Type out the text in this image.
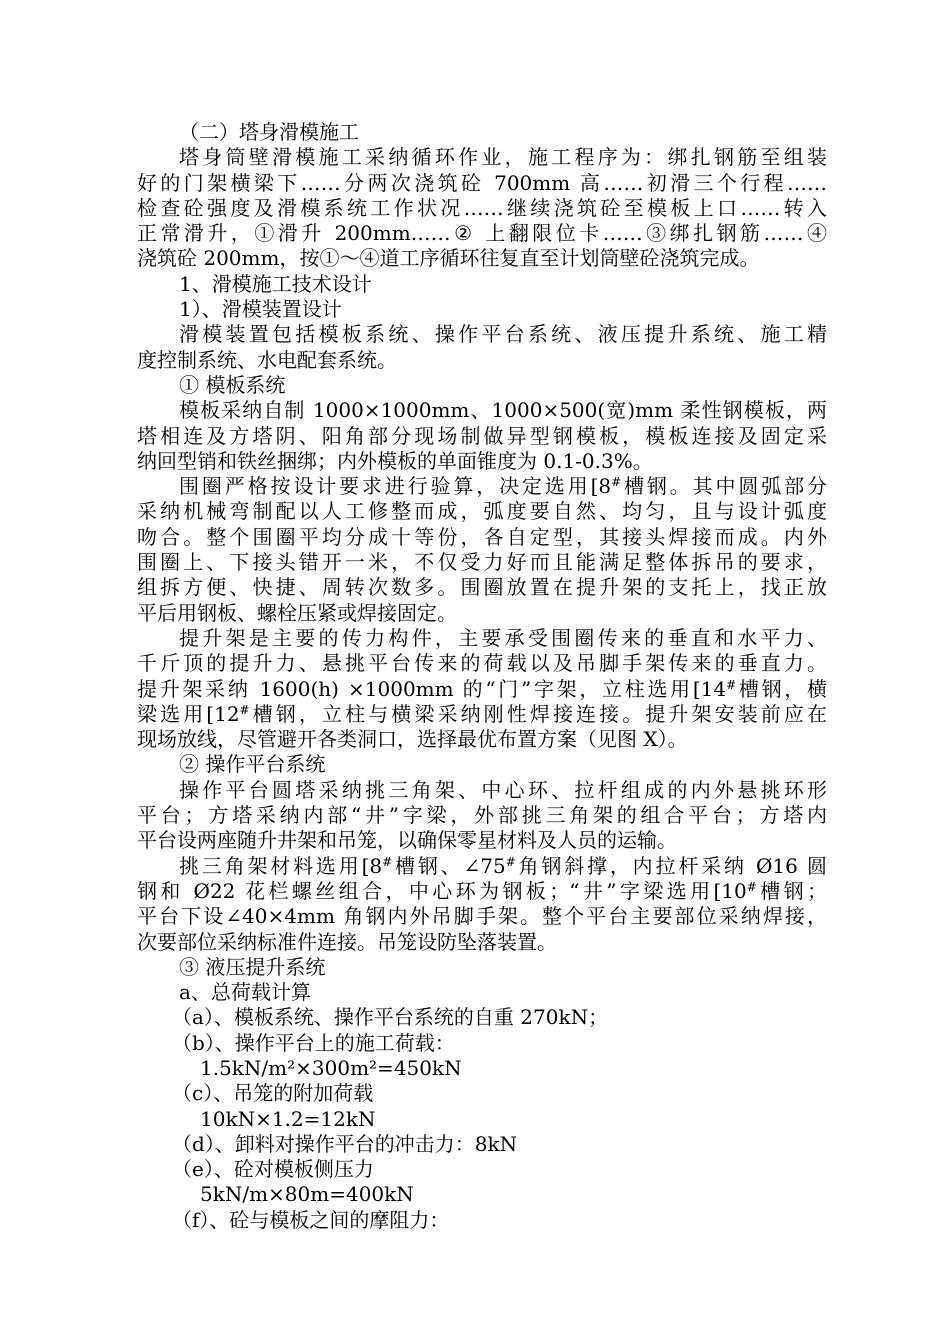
（二）塔身滑模施工
塔身筒壁滑模施工采纳循环作业，施工程序为：绑扎钢筋至组装
好的门架横梁下……分两次浇筑砼 700mm 高……初滑三个行程……
检查砼强度及滑模系统工作状况……继续浇筑砼至模板上口……转入
正常滑升，①滑升 200mm……② 上翻限位卡……③绑扎钢筋……④
浇筑砼 200mm，按①～④道工序循环往复直至计划筒壁砼浇筑完成。
1、滑模施工技术设计
1）、滑模装置设计
滑模装置包括模板系统、操作平台系统、液压提升系统、施工精
度控制系统、水电配套系统。
① 模板系统
模板采纳自制 1000×1000mm、1000×500(宽)mm 柔性钢模板，两
塔相连及方塔阴、阳角部分现场制做异型钢模板，模板连接及固定采
纳回型销和铁丝捆绑；内外模板的单面锥度为 0.1-0.3%。
围圈严格按设计要求进行验算，决定选用[8#槽钢。其中圆弧部分
采纳机械弯制配以人工修整而成，弧度要自然、均匀，且与设计弧度
吻合。整个围圈平均分成十等份，各自定型，其接头焊接而成。内外
围圈上、下接头错开一米，不仅受力好而且能满足整体拆吊的要求，
组拆方便、快捷、周转次数多。围圈放置在提升架的支托上，找正放
平后用钢板、螺栓压紧或焊接固定。
提升架是主要的传力构件，主要承受围圈传来的垂直和水平力、
千斤顶的提升力、悬挑平台传来的荷载以及吊脚手架传来的垂直力。
提升架采纳 1600(h) ×1000mm 的“门”字架，立柱选用[14#槽钢，横
梁选用[12#槽钢，立柱与横梁采纳刚性焊接连接。提升架安装前应在
现场放线，尽管避开各类洞口，选择最优布置方案（见图 X）。
② 操作平台系统
操作平台圆塔采纳挑三角架、中心环、拉杆组成的内外悬挑环形
平台；方塔采纳内部“井”字梁，外部挑三角架的组合平台；方塔内
平台设两座随升井架和吊笼，以确保零星材料及人员的运输。
挑三角架材料选用[8#槽钢、∠75#角钢斜撑，内拉杆采纳 Ø16 圆
钢和 Ø22 花栏螺丝组合，中心环为钢板；“井”字梁选用[10#槽钢；
平台下设∠40×4mm 角钢内外吊脚手架。整个平台主要部位采纳焊接，
次要部位采纳标准件连接。吊笼设防坠落装置。
③ 液压提升系统
a、总荷载计算
（a）、模板系统、操作平台系统的自重 270kN；
（b）、操作平台上的施工荷载：
1.5kN/m²×300m²=450kN
（c）、吊笼的附加荷载
10kN×1.2=12kN
（d）、卸料对操作平台的冲击力：8kN
（e）、砼对模板侧压力
5kN/m×80m=400kN
（f）、砼与模板之间的摩阻力：
